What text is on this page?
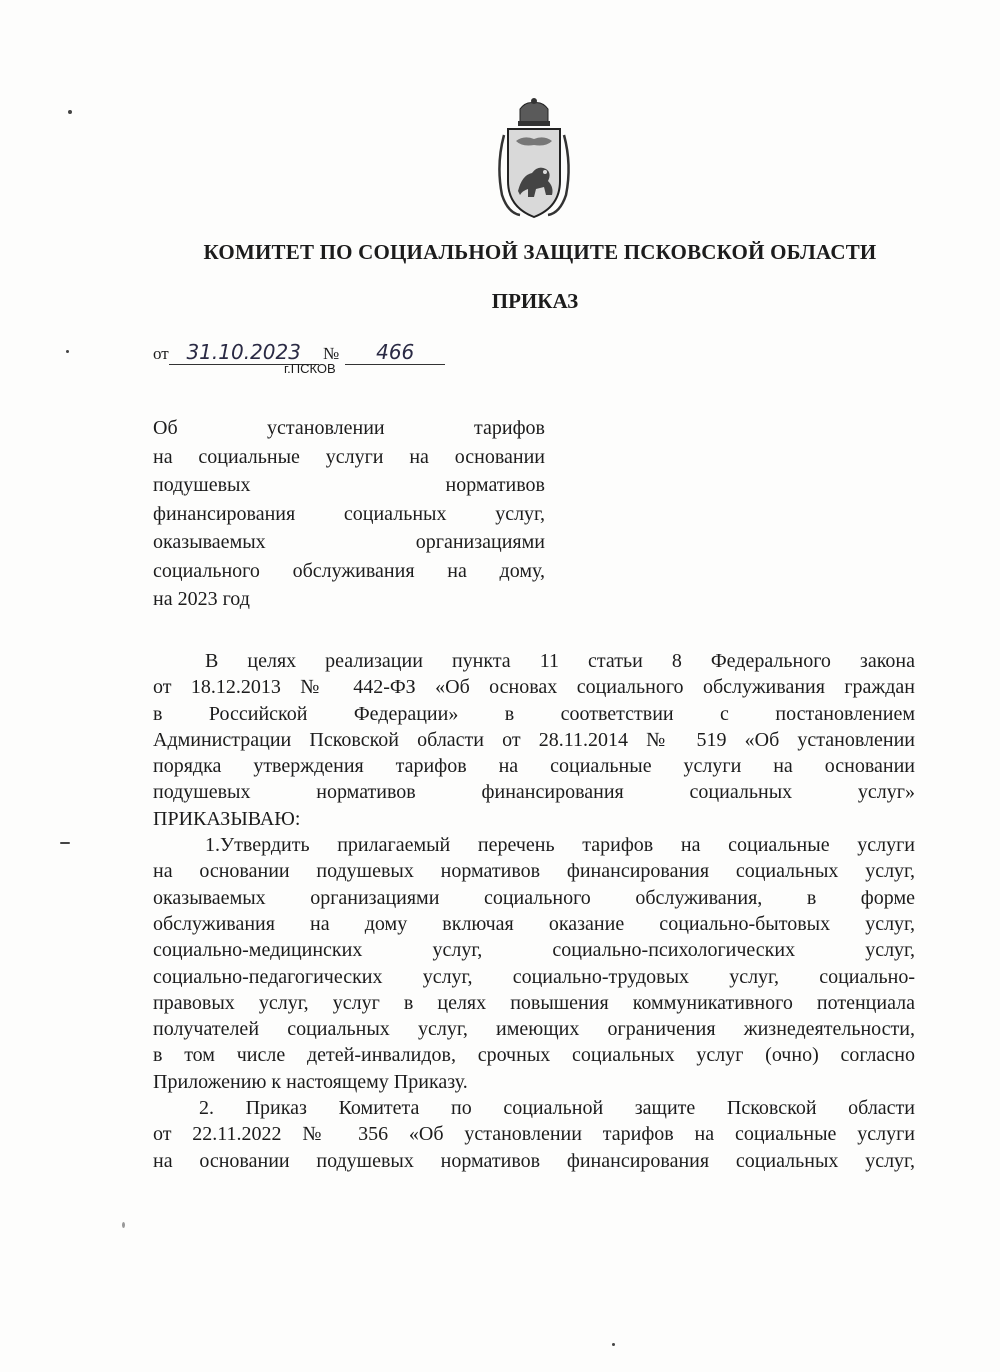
КОМИТЕТ ПО СОЦИАЛЬНОЙ ЗАЩИТЕ ПСКОВСКОЙ ОБЛАСТИ
ПРИКАЗ
от 31.10.2023 № 466
г.ПСКОВ
Об установлении тарифов
на социальные услуги на основании
подушевых нормативов
финансирования социальных услуг,
оказываемых организациями
социального обслуживания на дому,
на 2023 год
В целях реализации пункта 11 статьи 8 Федерального закона
от 18.12.2013 № 442-ФЗ «Об основах социального обслуживания граждан
в Российской Федерации» в соответствии с постановлением
Администрации Псковской области от 28.11.2014 № 519 «Об установлении
порядка утверждения тарифов на социальные услуги на основании
подушевых нормативов финансирования социальных услуг»
ПРИКАЗЫВАЮ:
1.Утвердить прилагаемый перечень тарифов на социальные услуги
на основании подушевых нормативов финансирования социальных услуг,
оказываемых организациями социального обслуживания, в форме
обслуживания на дому включая оказание социально-бытовых услуг,
социально-медицинских услуг, социально-психологических услуг,
социально-педагогических услуг, социально-трудовых услуг, социально-
правовых услуг, услуг в целях повышения коммуникативного потенциала
получателей социальных услуг, имеющих ограничения жизнедеятельности,
в том числе детей-инвалидов, срочных социальных услуг (очно) согласно
Приложению к настоящему Приказу.
2. Приказ Комитета по социальной защите Псковской области
от 22.11.2022 № 356 «Об установлении тарифов на социальные услуги
на основании подушевых нормативов финансирования социальных услуг,
